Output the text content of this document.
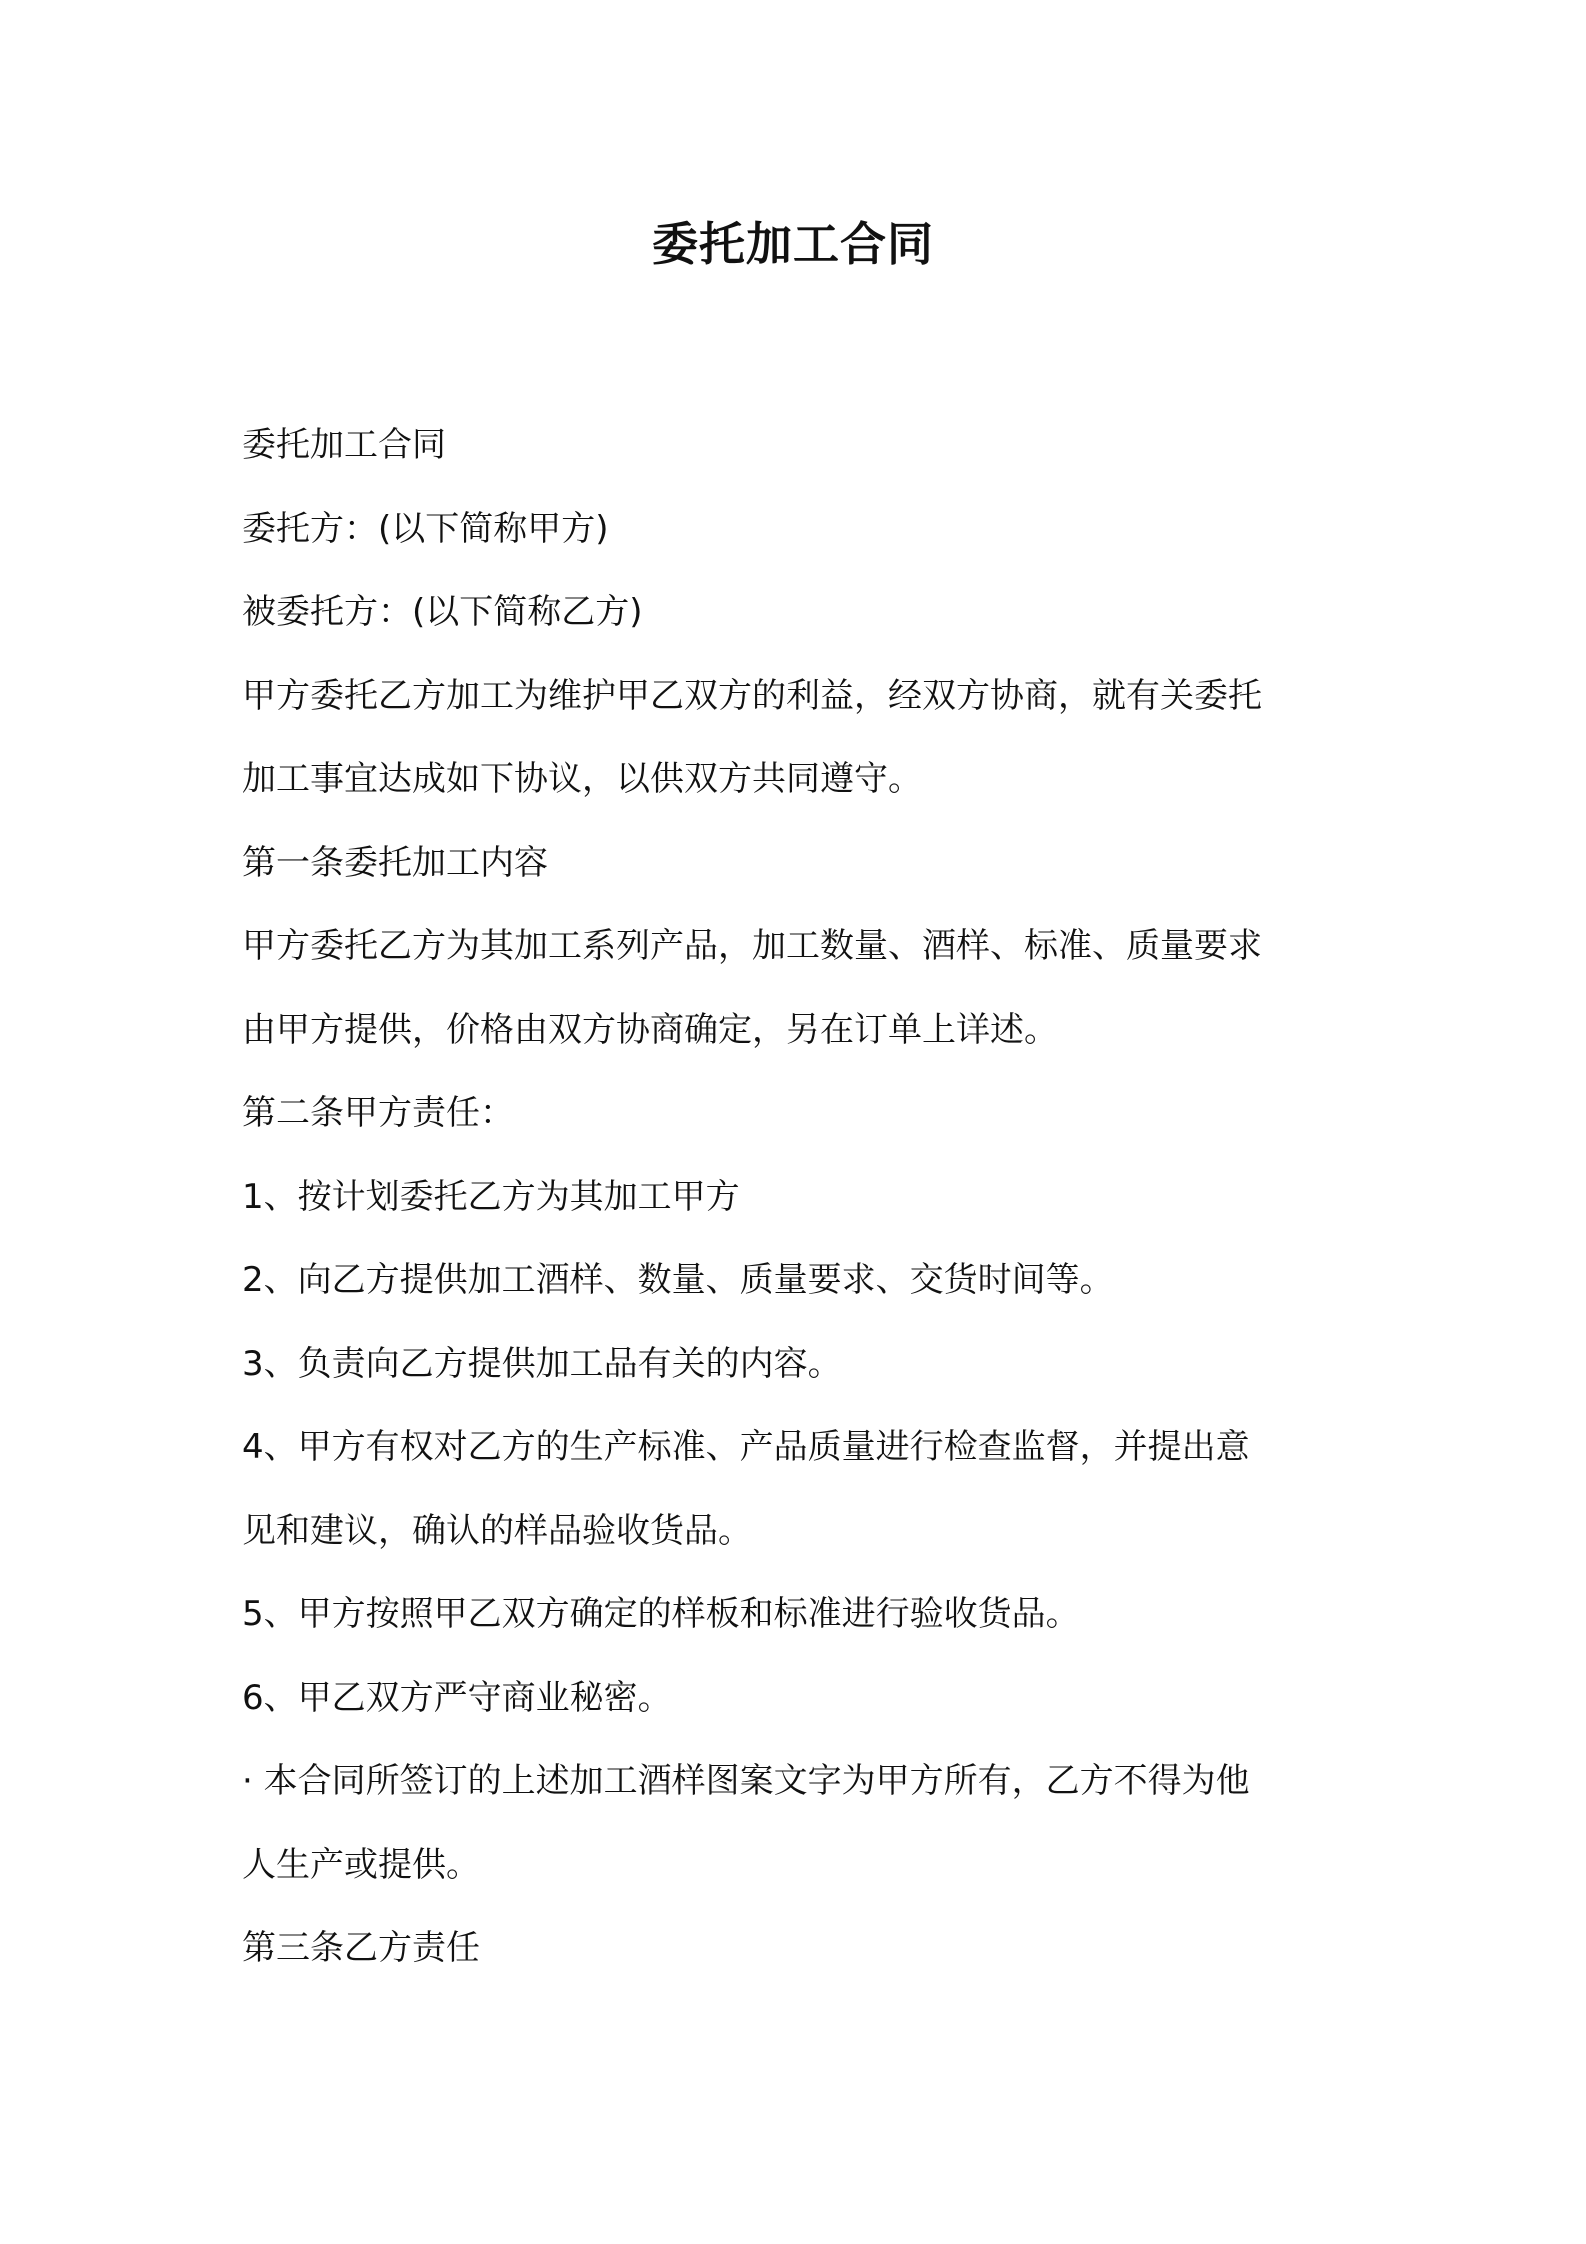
委托加工合同

委托加工合同

委托方：(以下简称甲方)

被委托方：(以下简称乙方)

甲方委托乙方加工为维护甲乙双方的利益，经双方协商，就有关委托

加工事宜达成如下协议，以供双方共同遵守。

第一条委托加工内容

甲方委托乙方为其加工系列产品，加工数量、酒样、标准、质量要求

由甲方提供，价格由双方协商确定，另在订单上详述。

第二条甲方责任：

1、按计划委托乙方为其加工甲方

2、向乙方提供加工酒样、数量、质量要求、交货时间等。

3、负责向乙方提供加工品有关的内容。

4、甲方有权对乙方的生产标准、产品质量进行检查监督，并提出意

见和建议，确认的样品验收货品。

5、甲方按照甲乙双方确定的样板和标准进行验收货品。

6、甲乙双方严守商业秘密。

· 本合同所签订的上述加工酒样图案文字为甲方所有，乙方不得为他

人生产或提供。

第三条乙方责任
